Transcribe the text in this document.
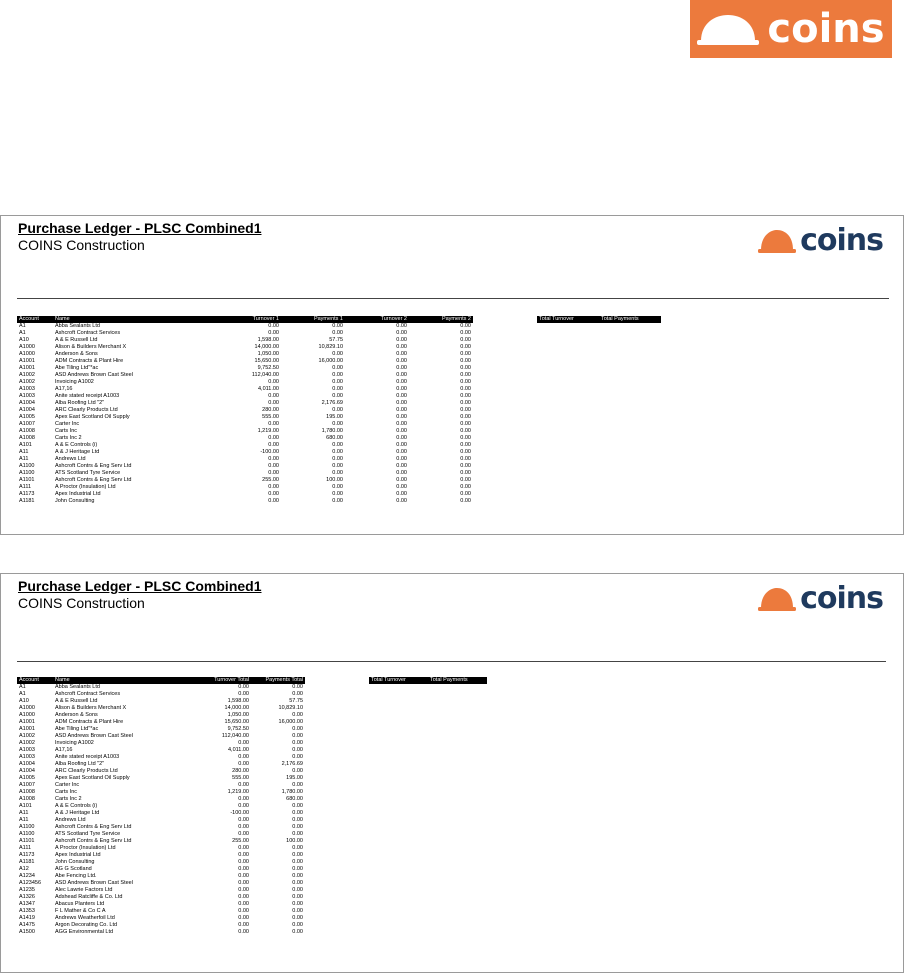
coins
Purchase Ledger - PLSC Combined1
COINS Construction	coins
Account	Name	Turnover 1	Payments 1	Turnover 2	Payments 2		Total Turnover	Total Payments
A1	Abba Sealants Ltd	0.00	0.00	0.00	0.00			
A1	Ashcroft Contract Services	0.00	0.00	0.00	0.00			
A10	A & E Russell Ltd	1,598.00	57.75	0.00	0.00			
A1000	Alison & Builders Merchant X	14,000.00	10,829.10	0.00	0.00			
A1000	Anderson & Sons	1,050.00	0.00	0.00	0.00			
A1001	ADM Contracts & Plant Hire	15,650.00	16,000.00	0.00	0.00			
A1001	Abe Tiling Ltd"*ac	9,752.50	0.00	0.00	0.00			
A1002	ASD Andrews Brown Cast Steel	112,040.00	0.00	0.00	0.00			
A1002	Invoicing A1002	0.00	0.00	0.00	0.00			
A1003	A17,16	4,011.00	0.00	0.00	0.00			
A1003	Anite stated receipt A1003	0.00	0.00	0.00	0.00			
A1004	Alba Roofing Ltd "2"	0.00	2,176.69	0.00	0.00			
A1004	ARC Clearly Products Ltd	280.00	0.00	0.00	0.00			
A1005	Apex East Scotland Oil Supply	555.00	195.00	0.00	0.00			
A1007	Carter Inc	0.00	0.00	0.00	0.00			
A1008	Carts Inc	1,219.00	1,780.00	0.00	0.00			
A1008	Carts Inc 2	0.00	680.00	0.00	0.00			
A101	A & E Controls (i)	0.00	0.00	0.00	0.00			
A11	A & J Heritage Ltd	-100.00	0.00	0.00	0.00			
A11	Andrews Ltd	0.00	0.00	0.00	0.00			
A1100	Ashcroft Contrs & Eng Serv Ltd	0.00	0.00	0.00	0.00			
A1100	ATS Scotland Tyre Service	0.00	0.00	0.00	0.00			
A1101	Ashcroft Contrs & Eng Serv Ltd	255.00	100.00	0.00	0.00			
A111	A Proctor (Insulation) Ltd	0.00	0.00	0.00	0.00			
A1173	Apex Industrial Ltd	0.00	0.00	0.00	0.00			
A1181	John Consulting	0.00	0.00	0.00	0.00			
Purchase Ledger - PLSC Combined1
COINS Construction	coins
Account	Name	Turnover Total	Payments Total		Total Turnover	Total Payments
A1	Abba Sealants Ltd	0.00	0.00			
A1	Ashcroft Contract Services	0.00	0.00			
A10	A & E Russell Ltd	1,598.00	57.75			
A1000	Alison & Builders Merchant X	14,000.00	10,829.10			
A1000	Anderson & Sons	1,050.00	0.00			
A1001	ADM Contracts & Plant Hire	15,650.00	16,000.00			
A1001	Abe Tiling Ltd"*ac	9,752.50	0.00			
A1002	ASD Andrews Brown Cast Steel	112,040.00	0.00			
A1002	Invoicing A1002	0.00	0.00			
A1003	A17,16	4,011.00	0.00			
A1003	Anite stated receipt A1003	0.00	0.00			
A1004	Alba Roofing Ltd "2"	0.00	2,176.69			
A1004	ARC Clearly Products Ltd	280.00	0.00			
A1005	Apex East Scotland Oil Supply	555.00	195.00			
A1007	Carter Inc	0.00	0.00			
A1008	Carts Inc	1,219.00	1,780.00			
A1008	Carts Inc 2	0.00	680.00			
A101	A & E Controls (i)	0.00	0.00			
A11	A & J Heritage Ltd	-100.00	0.00			
A11	Andrews Ltd	0.00	0.00			
A1100	Ashcroft Contrs & Eng Serv Ltd	0.00	0.00			
A1100	ATS Scotland Tyre Service	0.00	0.00			
A1101	Ashcroft Contrs & Eng Serv Ltd	255.00	100.00			
A111	A Proctor (Insulation) Ltd	0.00	0.00			
A1173	Apex Industrial Ltd	0.00	0.00			
A1181	John Consulting	0.00	0.00			
A12	AG G Scotland	0.00	0.00			
A1234	Abe Fencing Ltd.	0.00	0.00			
A123456	ASD Andrews Brown Cast Steel	0.00	0.00			
A1235	Alec Lawrie Factors Ltd	0.00	0.00			
A1326	Adshead Ratcliffe & Co. Ltd	0.00	0.00			
A1347	Abacus Planters Ltd	0.00	0.00			
A1353	F L Mather & Co C A	0.00	0.00			
A1419	Andrews Weatherfoil Ltd	0.00	0.00			
A1475	Argon Decorating Co. Ltd	0.00	0.00			
A1500	AGG Environmental Ltd	0.00	0.00			
